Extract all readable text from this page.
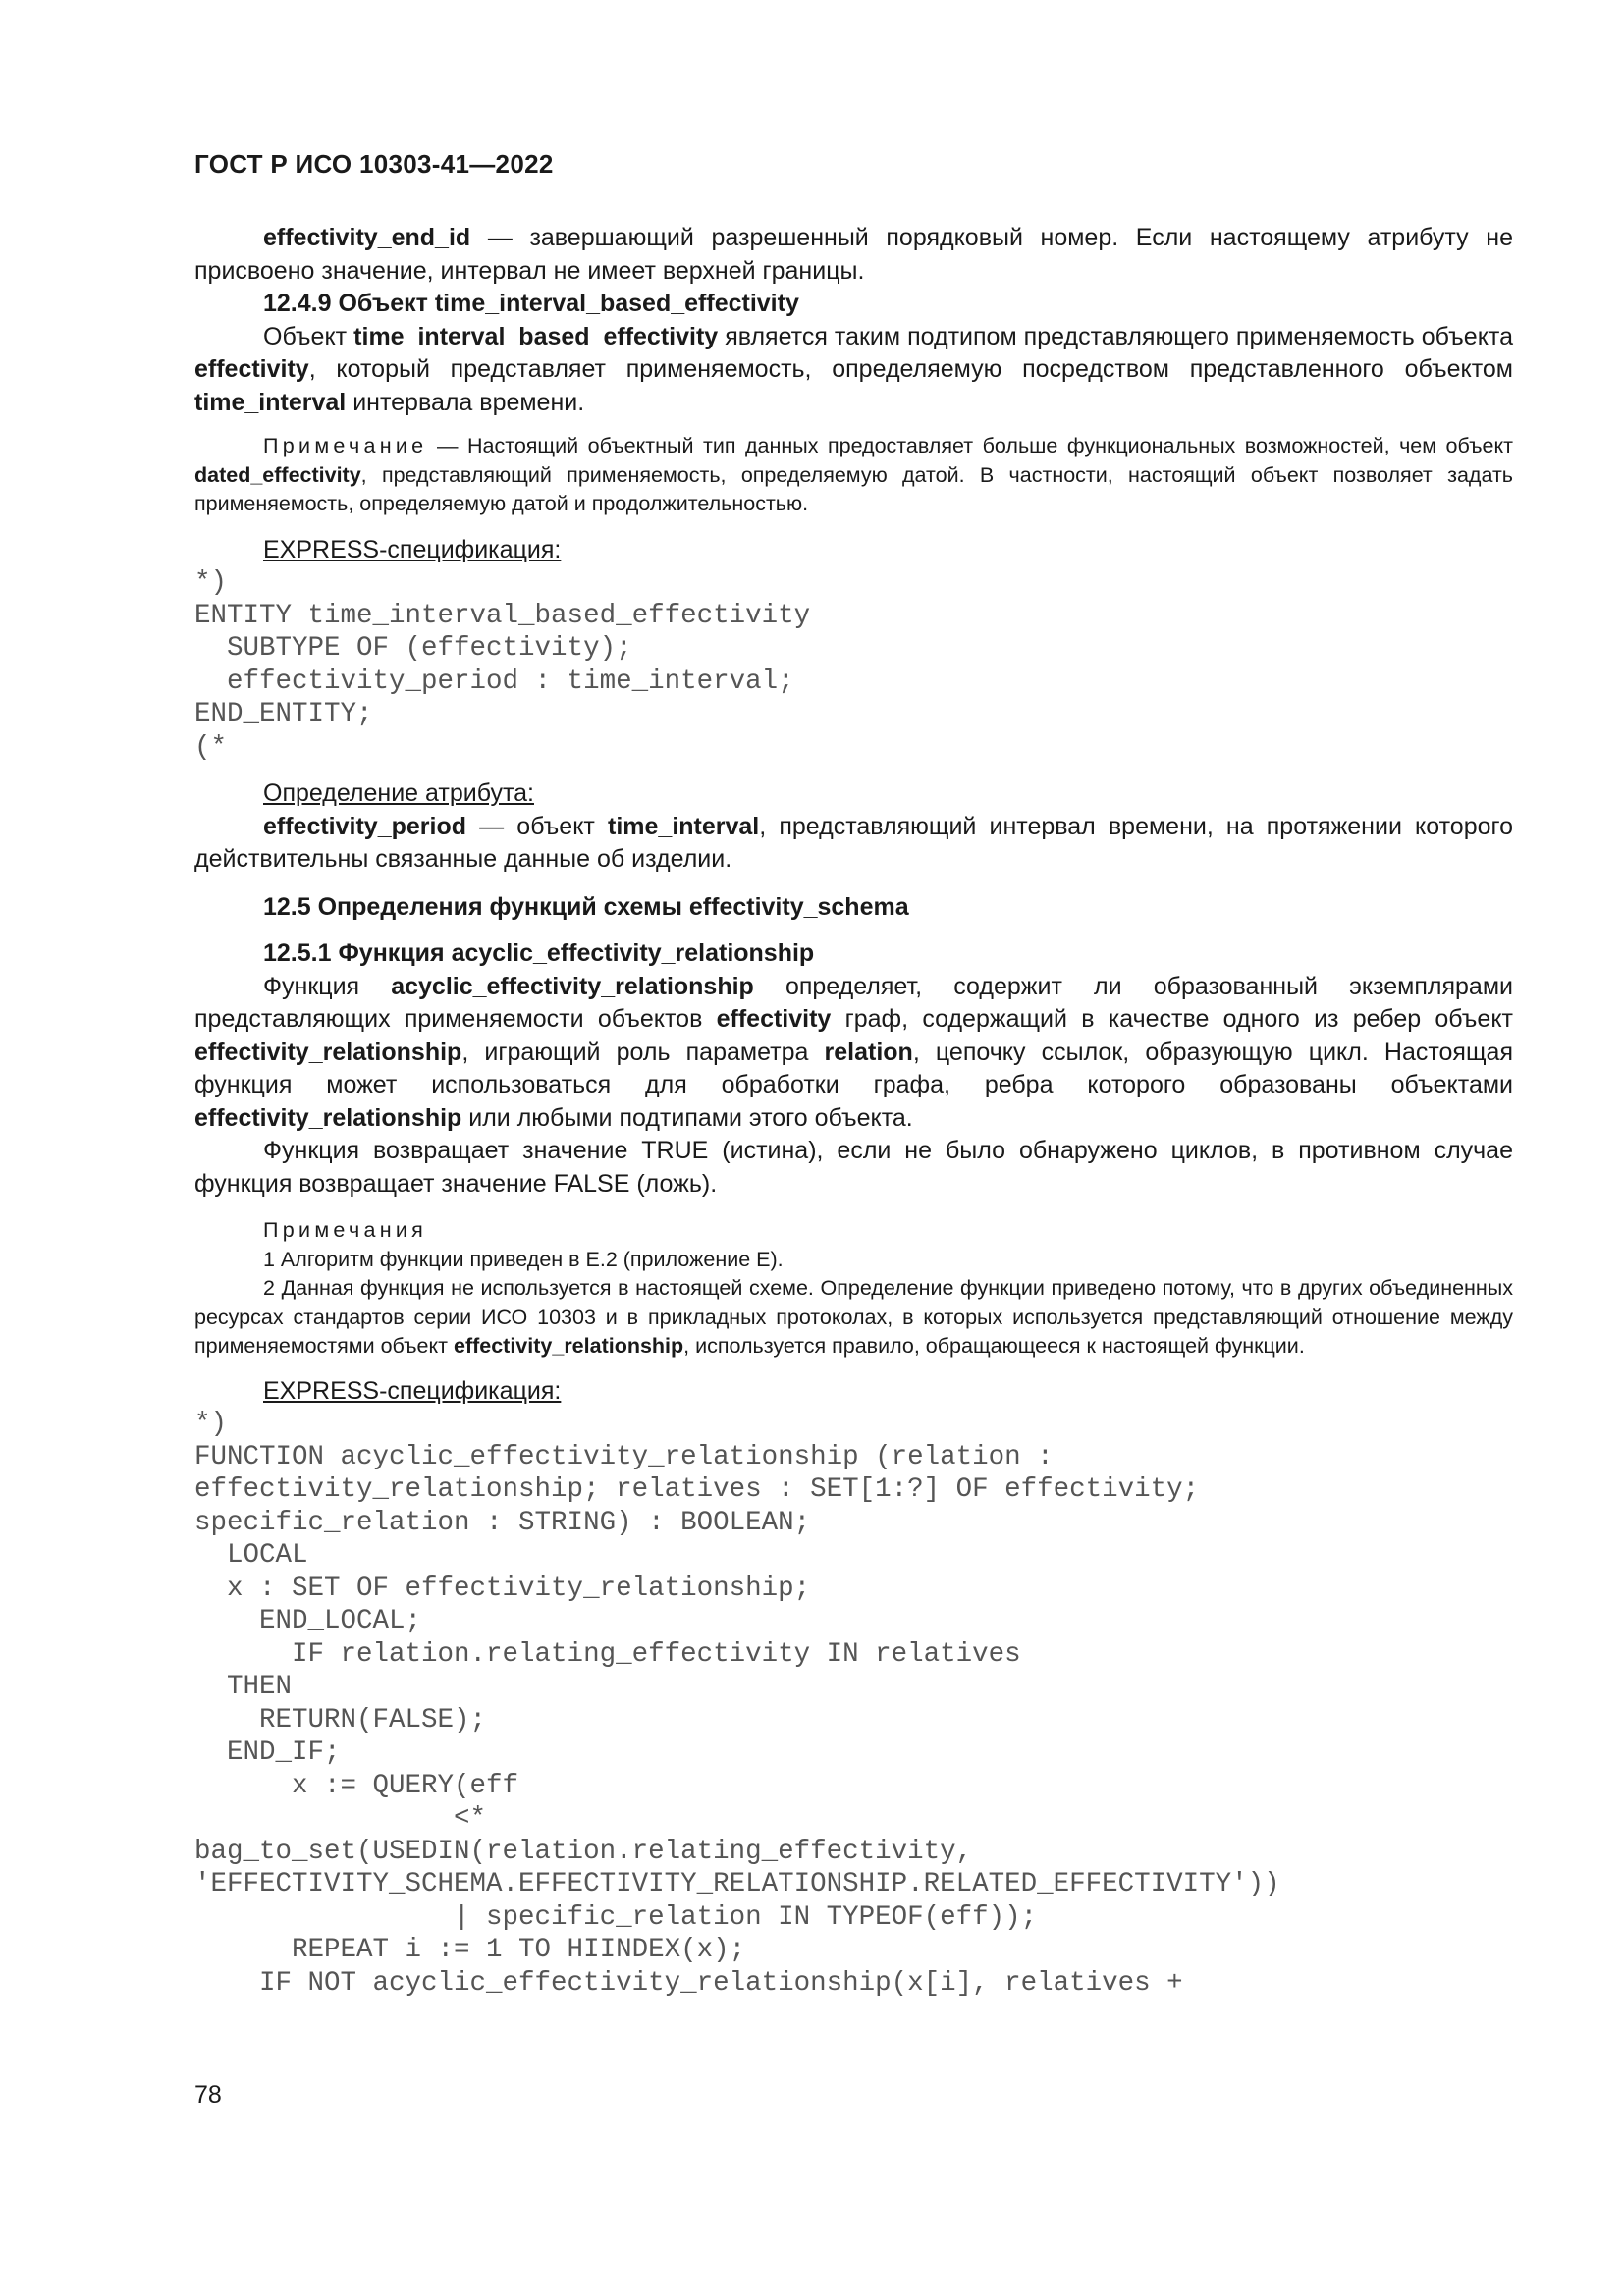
ГОСТ Р ИСО 10303-41—2022

effectivity_end_id — завершающий разрешенный порядковый номер. Если настоящему атрибуту не присвоено значение, интервал не имеет верхней границы.

12.4.9 Объект time_interval_based_effectivity

Объект time_interval_based_effectivity является таким подтипом представляющего применяемость объекта effectivity, который представляет применяемость, определяемую посредством представленного объектом time_interval интервала времени.

Примечание — Настоящий объектный тип данных предоставляет больше функциональных возможностей, чем объект dated_effectivity, представляющий применяемость, определяемую датой. В частности, настоящий объект позволяет задать применяемость, определяемую датой и продолжительностью.

EXPRESS-спецификация:

*)
ENTITY time_interval_based_effectivity
SUBTYPE OF (effectivity);
effectivity_period : time_interval;
END_ENTITY;
(*

Определение атрибута:

effectivity_period — объект time_interval, представляющий интервал времени, на протяжении которого действительны связанные данные об изделии.

12.5 Определения функций схемы effectivity_schema

12.5.1 Функция acyclic_effectivity_relationship

Функция acyclic_effectivity_relationship определяет, содержит ли образованный экземплярами представляющих применяемости объектов effectivity граф, содержащий в качестве одного из ребер объект effectivity_relationship, играющий роль параметра relation, цепочку ссылок, образующую цикл. Настоящая функция может использоваться для обработки графа, ребра которого образованы объектами effectivity_relationship или любыми подтипами этого объекта.

Функция возвращает значение TRUE (истина), если не было обнаружено циклов, в противном случае функция возвращает значение FALSE (ложь).

Примечания

1 Алгоритм функции приведен в Е.2 (приложение Е).

2 Данная функция не используется в настоящей схеме. Определение функции приведено потому, что в других объединенных ресурсах стандартов серии ИСО 10303 и в прикладных протоколах, в которых используется представляющий отношение между применяемостями объект effectivity_relationship, используется правило, обращающееся к настоящей функции.

EXPRESS-спецификация:

*)
FUNCTION acyclic_effectivity_relationship (relation :
effectivity_relationship; relatives : SET[1:?] OF effectivity;
specific_relation : STRING) : BOOLEAN;
LOCAL
x : SET OF effectivity_relationship;
END_LOCAL;
IF relation.relating_effectivity IN relatives
THEN
RETURN(FALSE);
END_IF;
x := QUERY(eff
<*
bag_to_set(USEDIN(relation.relating_effectivity,
'EFFECTIVITY_SCHEMA.EFFECTIVITY_RELATIONSHIP.RELATED_EFFECTIVITY'))
| specific_relation IN TYPEOF(eff));
REPEAT i := 1 TO HIINDEX(x);
IF NOT acyclic_effectivity_relationship(x[i], relatives +
78
